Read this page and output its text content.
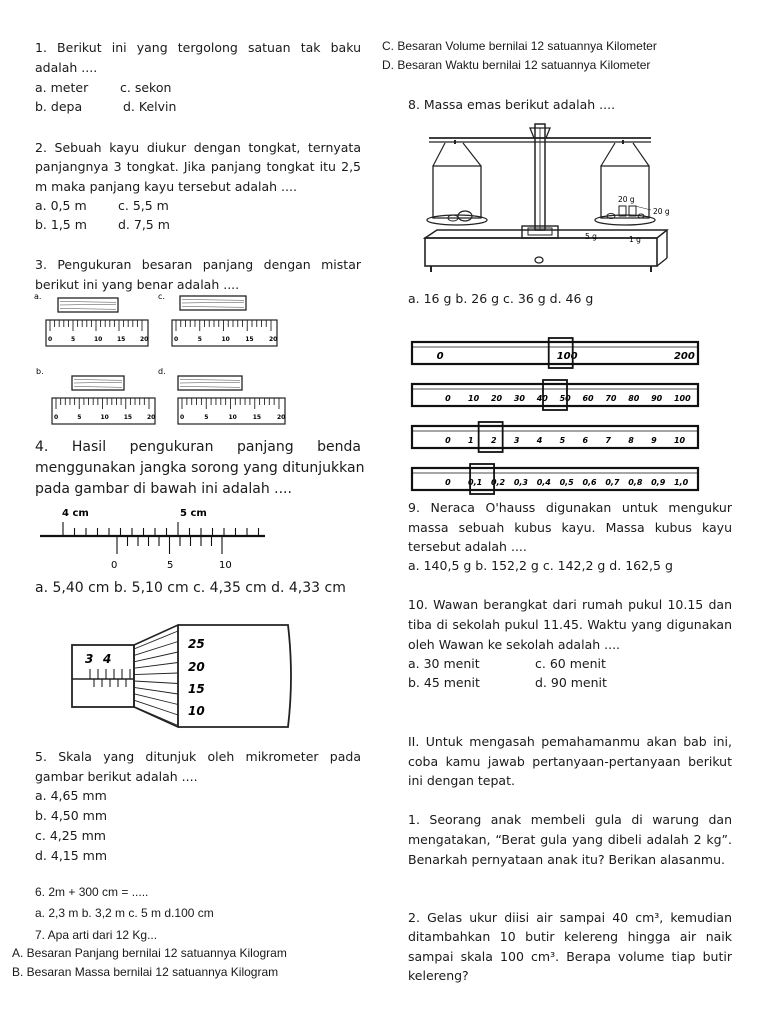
1. Berikut ini yang tergolong satuan tak baku
adalah ....
a. meter	c. sekon
b. depa	d. Kelvin
2. Sebuah kayu diukur dengan tongkat, ternyata
panjangnya 3 tongkat. Jika panjang tongkat itu 2,5
m maka panjang kayu tersebut adalah ....
a. 0,5 m	c. 5,5 m
b. 1,5 m d. 7,5 m
3. Pengukuran besaran panjang dengan mistar
berikut ini yang benar adalah ....
a.	c.
b.	d.
0	5	10 15 20	0	5	10	15	20
0	5	10 15 20	0	5	10	15	20
4. Hasil pengukuran panjang benda
menggunakan jangka sorong yang ditunjukkan
pada gambar di bawah ini adalah ....
4 cm	5 cm
0	5	10
a. 5,40 cm b. 5,10 cm c. 4,35 cm d. 4,33 cm
3 4
25
20
15
10
5. Skala yang ditunjuk oleh mikrometer pada
gambar berikut adalah ....
a. 4,65 mm
b. 4,50 mm
c. 4,25 mm
d. 4,15 mm
6. 2m + 300 cm = .....
a. 2,3 m b. 3,2 m c. 5 m d.100 cm
7. Apa arti dari 12 Kg...
A. Besaran Panjang bernilai 12 satuannya Kilogram
B. Besaran Massa bernilai 12 satuannya Kilogram
C. Besaran Volume bernilai 12 satuannya Kilometer
D. Besaran Waktu bernilai 12 satuannya Kilometer
8. Massa emas berikut adalah ....
20 g
20 g
5 g	1 g
a. 16 g b. 26 g c. 36 g d. 46 g
0	100	200
0 10 20 30 40 50 60 70 80 90 100
0 1 2 3 4 5 6 7 8 9 10
0 0,1 0,2 0,3 0,4 0,5 0,6 0,7 0,8 0,9 1,0
9. Neraca O'hauss digunakan untuk mengukur
massa sebuah kubus kayu. Massa kubus kayu
tersebut adalah ....
a. 140,5 g b. 152,2 g c. 142,2 g d. 162,5 g
10. Wawan berangkat dari rumah pukul 10.15 dan
tiba di sekolah pukul 11.45. Waktu yang digunakan
oleh Wawan ke sekolah adalah ....
a. 30 menit	c. 60 menit
b. 45 menit	d. 90 menit
II. Untuk mengasah pemahamanmu akan bab ini,
coba kamu jawab pertanyaan-pertanyaan berikut
ini dengan tepat.
1. Seorang anak membeli gula di warung dan
mengatakan, “Berat gula yang dibeli adalah 2 kg”.
Benarkah pernyataan anak itu? Berikan alasanmu.
2. Gelas ukur diisi air sampai 40 cm³, kemudian
ditambahkan 10 butir kelereng hingga air naik
sampai skala 100 cm³. Berapa volume tiap butir
kelereng?
